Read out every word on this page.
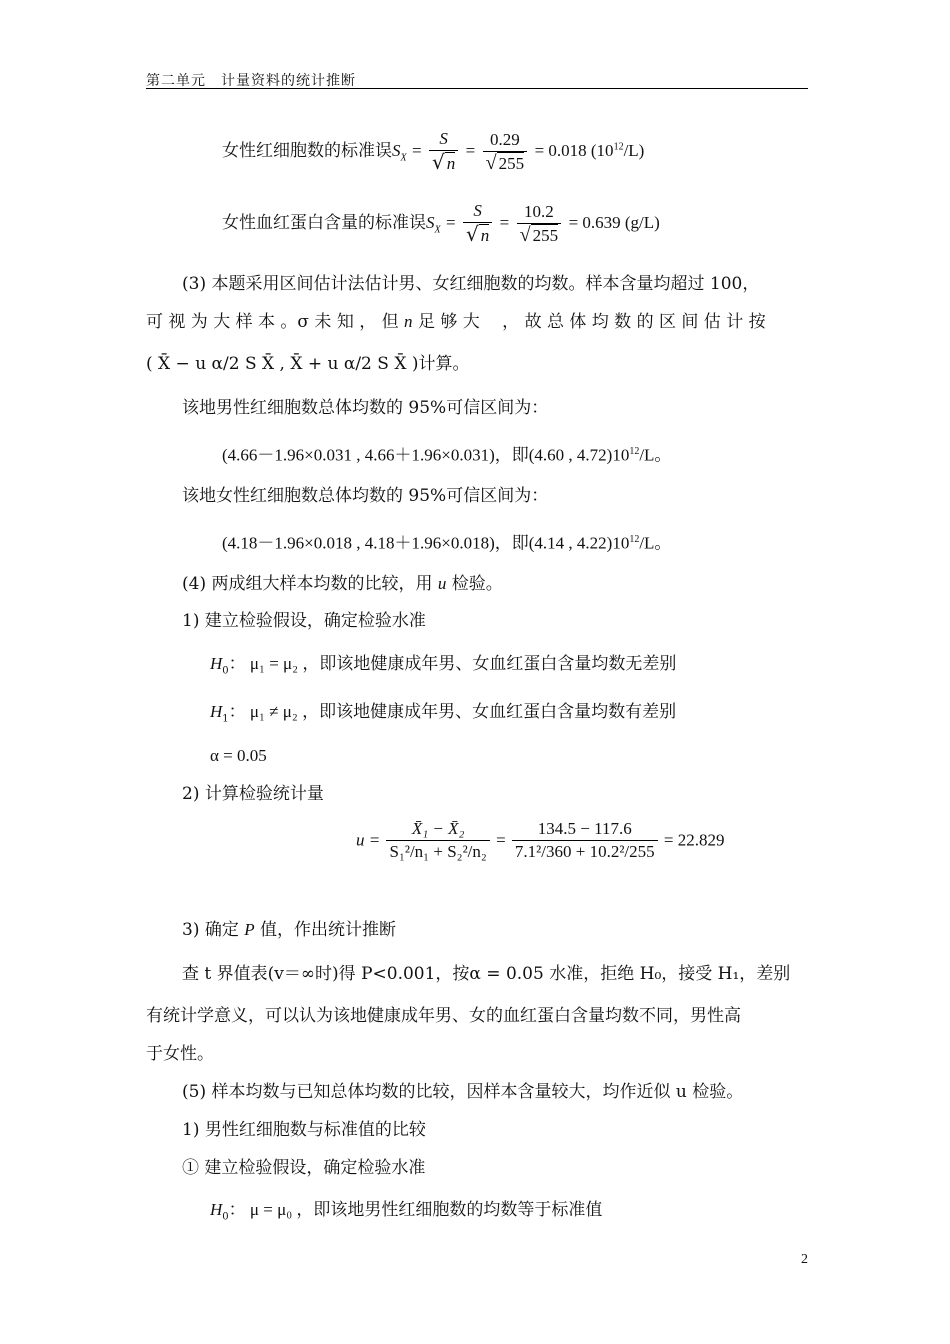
第二单元　计量资料的统计推断
女性红细胞数的标准误$S_X = \frac{S}{√ n} = \frac{0.29}{√ 255} = 0.018$ $(10^{12}/L)$
女性血红蛋白含量的标准误$S_X = \frac{S}{√ n} = \frac{10.2}{√ 255} = 0.639$ (g/L)
(3) 本题采用区间估计法估计男、女红细胞数的均数。样本含量均超过 100，
可 视 为 大 样 本 。σ 未 知 ， 但 n 足 够 大 　， 故 总 体 均 数 的 区 间 估 计 按
( X̄ − u α/2 S X̄ , X̄ + u α/2 S X̄ )计算。
该地男性红细胞数总体均数的 95%可信区间为：
(4.66－1.96×0.031 , 4.66＋1.96×0.031)，即(4.60 , $4.72)10^{12}/L$。
该地女性红细胞数总体均数的 95%可信区间为：
(4.18－1.96×0.018 , 4.18＋1.96×0.018)，即(4.14 , $4.22)10^{12}/L$。
(4) 两成组大样本均数的比较，用 u 检验。
1) 建立检验假设，确定检验水准
$H_0$： μ₁ = μ₂ ，即该地健康成年男、女血红蛋白含量均数无差别
$H_1$： μ₁ ≠ μ₂ ，即该地健康成年男、女血红蛋白含量均数有差别
α = 0.05
2) 计算检验统计量
$u = \frac{\text{X̄₁ − X̄₂}}{\text{S₁²/n₁ + S₂²/n₂}} = \frac{134.5 - 117.6}{\text{7.1²/360 + 10.2²/255}} = 22.829$
3) 确定 P 值，作出统计推断
查 t 界值表(v＝∞时)得 P<0.001，按α = 0.05 水准，拒绝 H₀，接受 H₁，差别
有统计学意义，可以认为该地健康成年男、女的血红蛋白含量均数不同，男性高
于女性。
(5) 样本均数与已知总体均数的比较，因样本含量较大，均作近似 u 检验。
1) 男性红细胞数与标准值的比较
① 建立检验假设，确定检验水准
$H_0$： μ = μ₀ ，即该地男性红细胞数的均数等于标准值
2
